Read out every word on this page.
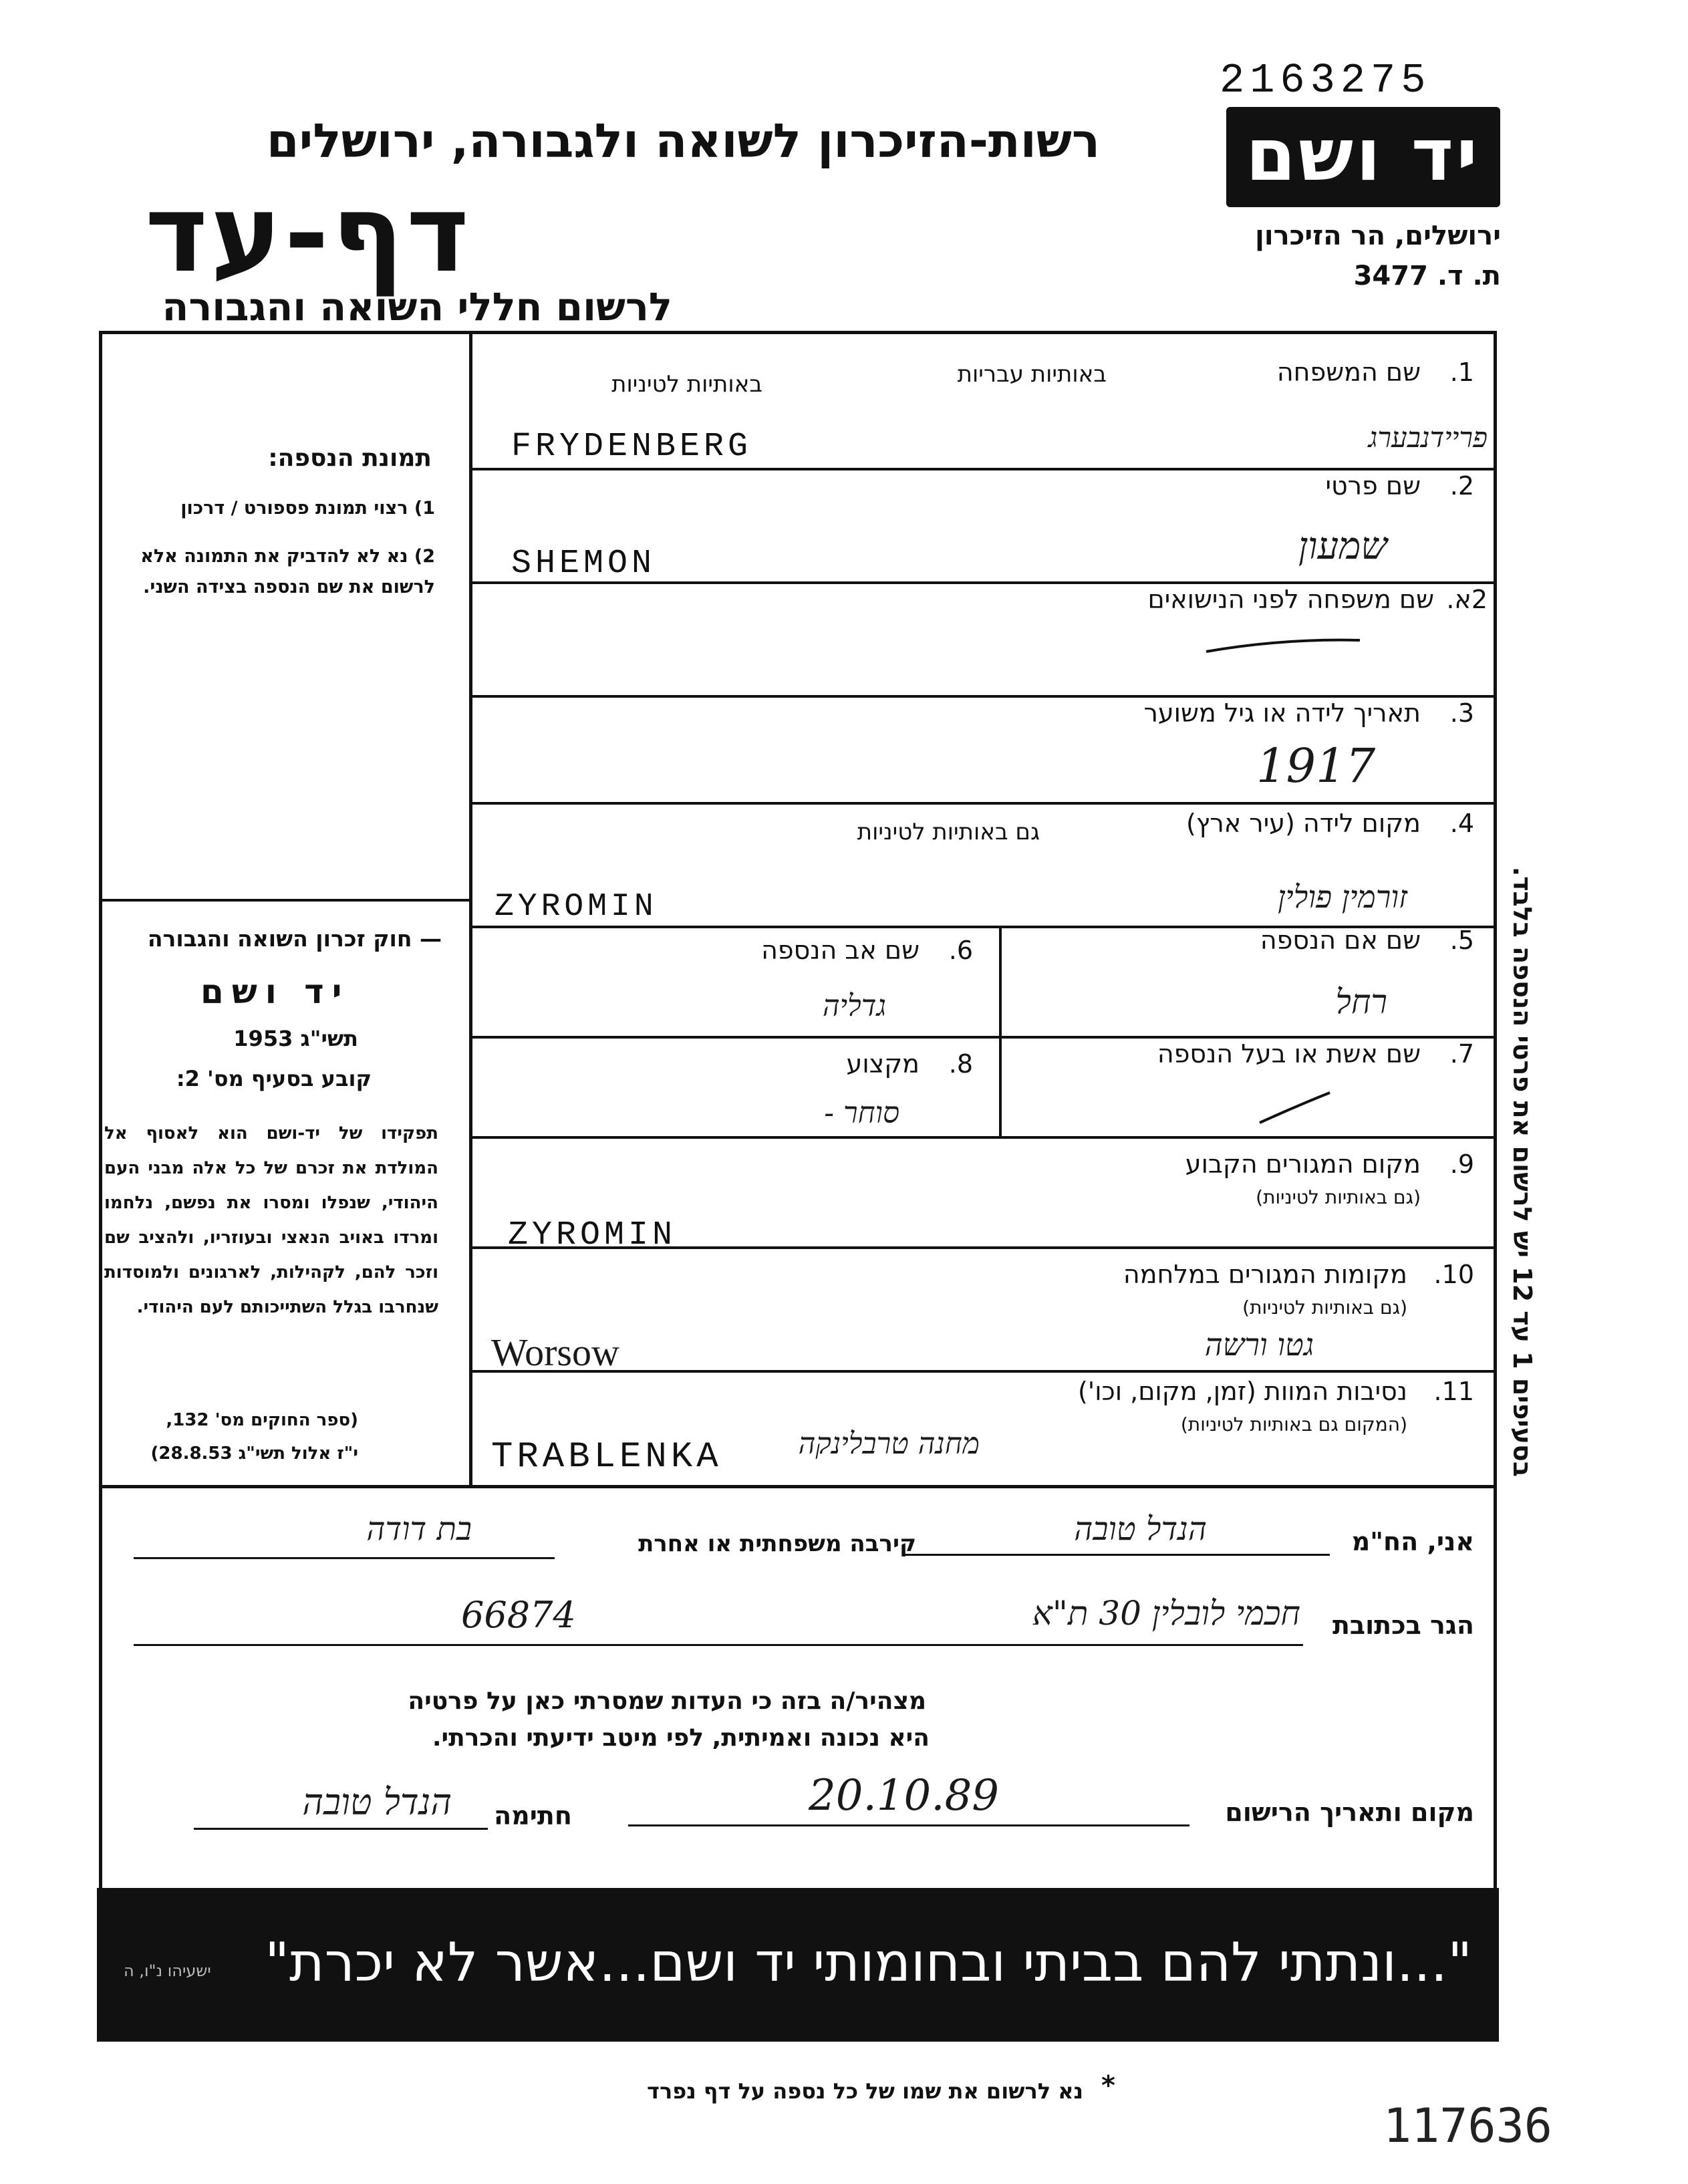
2163275
יד ושם
ירושלים, הר הזיכרון
ת. ד. 3477
רשות-הזיכרון לשואה ולגבורה, ירושלים
דף-עד
לרשום חללי השואה והגבורה
בסעיפים 1 עד 12 יש לרשום את פרטי הנספה בלבד.
תמונת הנספה:
1) רצוי תמונת פספורט / דרכון
2) נא לא להדביק את התמונה אלא לרשום את שם הנספה בצידה השני.
— חוק זכרון השואה והגבורה
יד ושם
תשי"ג 1953
קובע בסעיף מס' 2:
תפקידו של יד-ושם הוא לאסוף אל המולדת את זכרם של כל אלה מבני העם היהודי, שנפלו ומסרו את נפשם, נלחמו ומרדו באויב הנאצי ובעוזריו, ולהציב שם וזכר להם, לקהילות, לארגונים ולמוסדות שנחרבו בגלל השתייכותם לעם היהודי.
(ספר החוקים מס' 132,
י"ז אלול תשי"ג 28.8.53)
1.
שם המשפחה
באותיות עבריות
באותיות לטיניות
פריידנבערג
FRYDENBERG
2.
שם פרטי
שמעון
SHEMON
2א.
שם משפחה לפני הנישואים
3.
תאריך לידה או גיל משוער
1917
4.
מקום לידה (עיר ארץ)
גם באותיות לטיניות
זורמין פולין
ZYROMIN
5.
שם אם הנספה
רחל
6.
שם אב הנספה
גדליה
7.
שם אשת או בעל הנספה
8.
מקצוע
סוחר -
9.
מקום המגורים הקבוע
(גם באותיות לטיניות)
ZYROMIN
10.
מקומות המגורים במלחמה
(גם באותיות לטיניות)
גטו ורשה
Worsow
11.
נסיבות המוות (זמן, מקום, וכו')
(המקום גם באותיות לטיניות)
מחנה טרבלינקה
TRABLENKA
אני, הח"מ
הנדל טובה
קירבה משפחתית או אחרת
בת דודה
הגר בכתובת
חכמי לובלין 30 ת"א
66874
מצהיר/ה בזה כי העדות שמסרתי כאן על פרטיה
היא נכונה ואמיתית, לפי מיטב ידיעתי והכרתי.
מקום ותאריך הרישום
20.10.89
חתימה
הנדל טובה
"...ונתתי להם בביתי ובחומותי יד ושם...אשר לא יכרת"
ישעיהו נ"ו, ה
*
נא לרשום את שמו של כל נספה על דף נפרד
117636
